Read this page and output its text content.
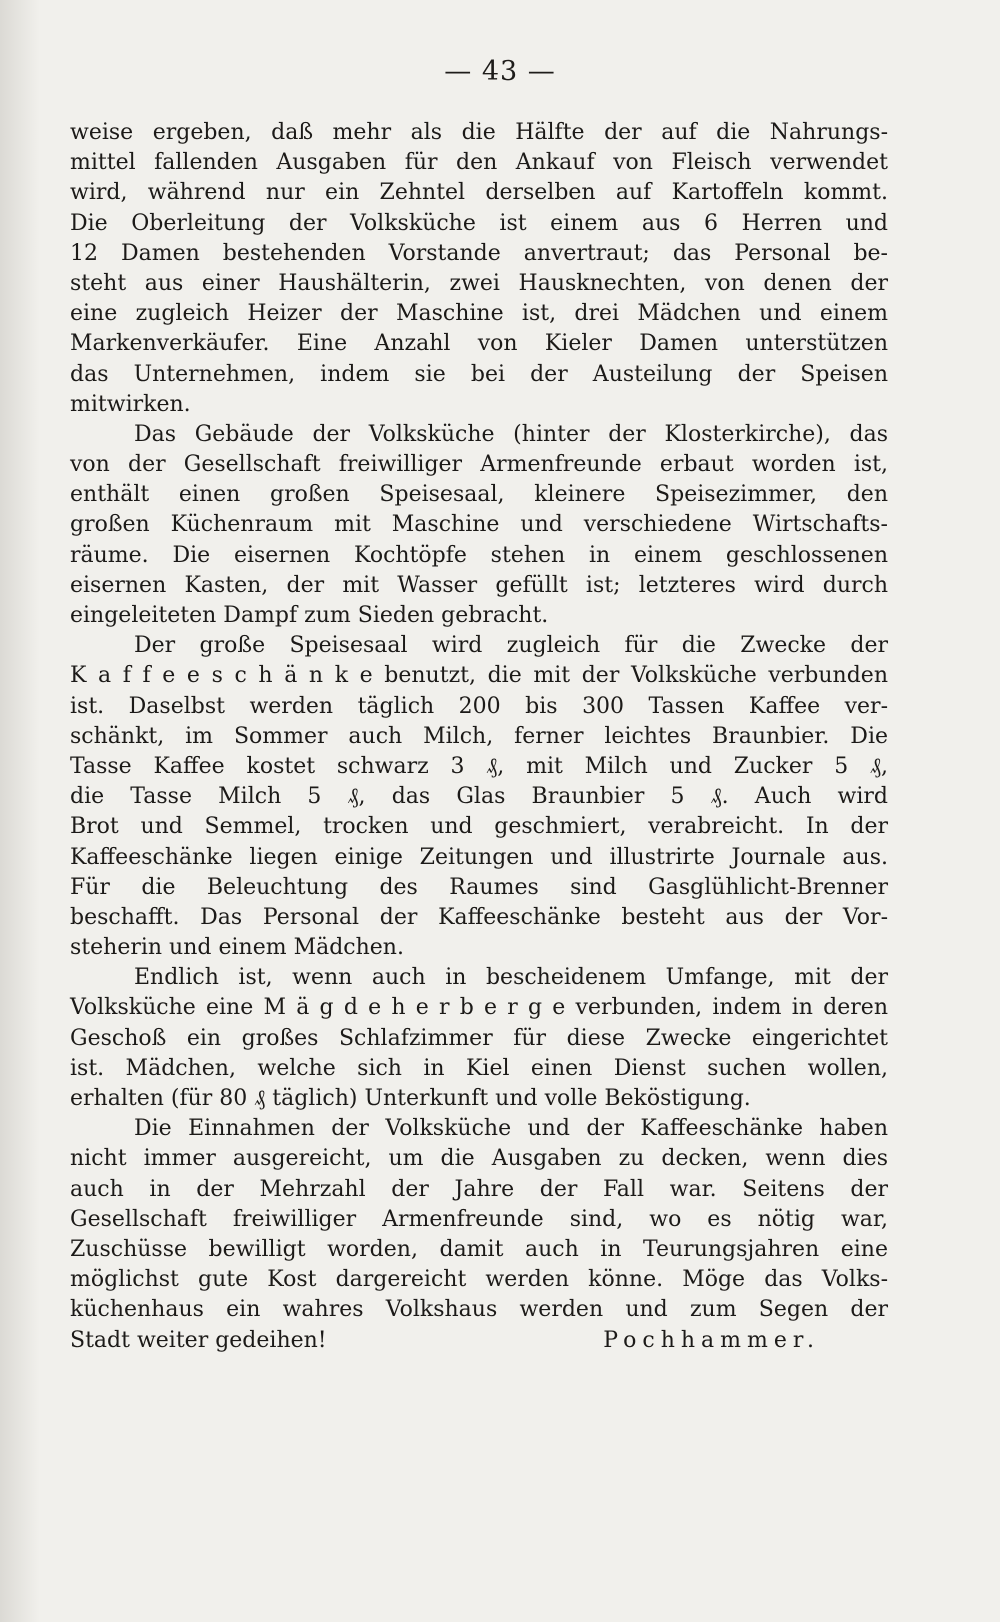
— 43 —
weise ergeben, daß mehr als die Hälfte der auf die Nahrungs-
mittel fallenden Ausgaben für den Ankauf von Fleisch verwendet
wird, während nur ein Zehntel derselben auf Kartoffeln kommt.
Die Oberleitung der Volksküche ist einem aus 6 Herren und
12 Damen bestehenden Vorstande anvertraut; das Personal be-
steht aus einer Haushälterin, zwei Hausknechten, von denen der
eine zugleich Heizer der Maschine ist, drei Mädchen und einem
Markenverkäufer. Eine Anzahl von Kieler Damen unterstützen
das Unternehmen, indem sie bei der Austeilung der Speisen
mitwirken.
Das Gebäude der Volksküche (hinter der Klosterkirche), das
von der Gesellschaft freiwilliger Armenfreunde erbaut worden ist,
enthält einen großen Speisesaal, kleinere Speisezimmer, den
großen Küchenraum mit Maschine und verschiedene Wirtschafts-
räume. Die eisernen Kochtöpfe stehen in einem geschlossenen
eisernen Kasten, der mit Wasser gefüllt ist; letzteres wird durch
eingeleiteten Dampf zum Sieden gebracht.
Der große Speisesaal wird zugleich für die Zwecke der
K a f f e e s c h ä n k e benutzt, die mit der Volksküche verbunden
ist. Daselbst werden täglich 200 bis 300 Tassen Kaffee ver-
schänkt, im Sommer auch Milch, ferner leichtes Braunbier. Die
Tasse Kaffee kostet schwarz 3 ₰, mit Milch und Zucker 5 ₰,
die Tasse Milch 5 ₰, das Glas Braunbier 5 ₰. Auch wird
Brot und Semmel, trocken und geschmiert, verabreicht. In der
Kaffeeschänke liegen einige Zeitungen und illustrirte Journale aus.
Für die Beleuchtung des Raumes sind Gasglühlicht-Brenner
beschafft. Das Personal der Kaffeeschänke besteht aus der Vor-
steherin und einem Mädchen.
Endlich ist, wenn auch in bescheidenem Umfange, mit der
Volksküche eine M ä g d e h e r b e r g e verbunden, indem in deren
Geschoß ein großes Schlafzimmer für diese Zwecke eingerichtet
ist. Mädchen, welche sich in Kiel einen Dienst suchen wollen,
erhalten (für 80 ₰ täglich) Unterkunft und volle Beköstigung.
Die Einnahmen der Volksküche und der Kaffeeschänke haben
nicht immer ausgereicht, um die Ausgaben zu decken, wenn dies
auch in der Mehrzahl der Jahre der Fall war. Seitens der
Gesellschaft freiwilliger Armenfreunde sind, wo es nötig war,
Zuschüsse bewilligt worden, damit auch in Teurungsjahren eine
möglichst gute Kost dargereicht werden könne. Möge das Volks-
küchenhaus ein wahres Volkshaus werden und zum Segen der
Stadt weiter gedeihen!	Pochhammer.
